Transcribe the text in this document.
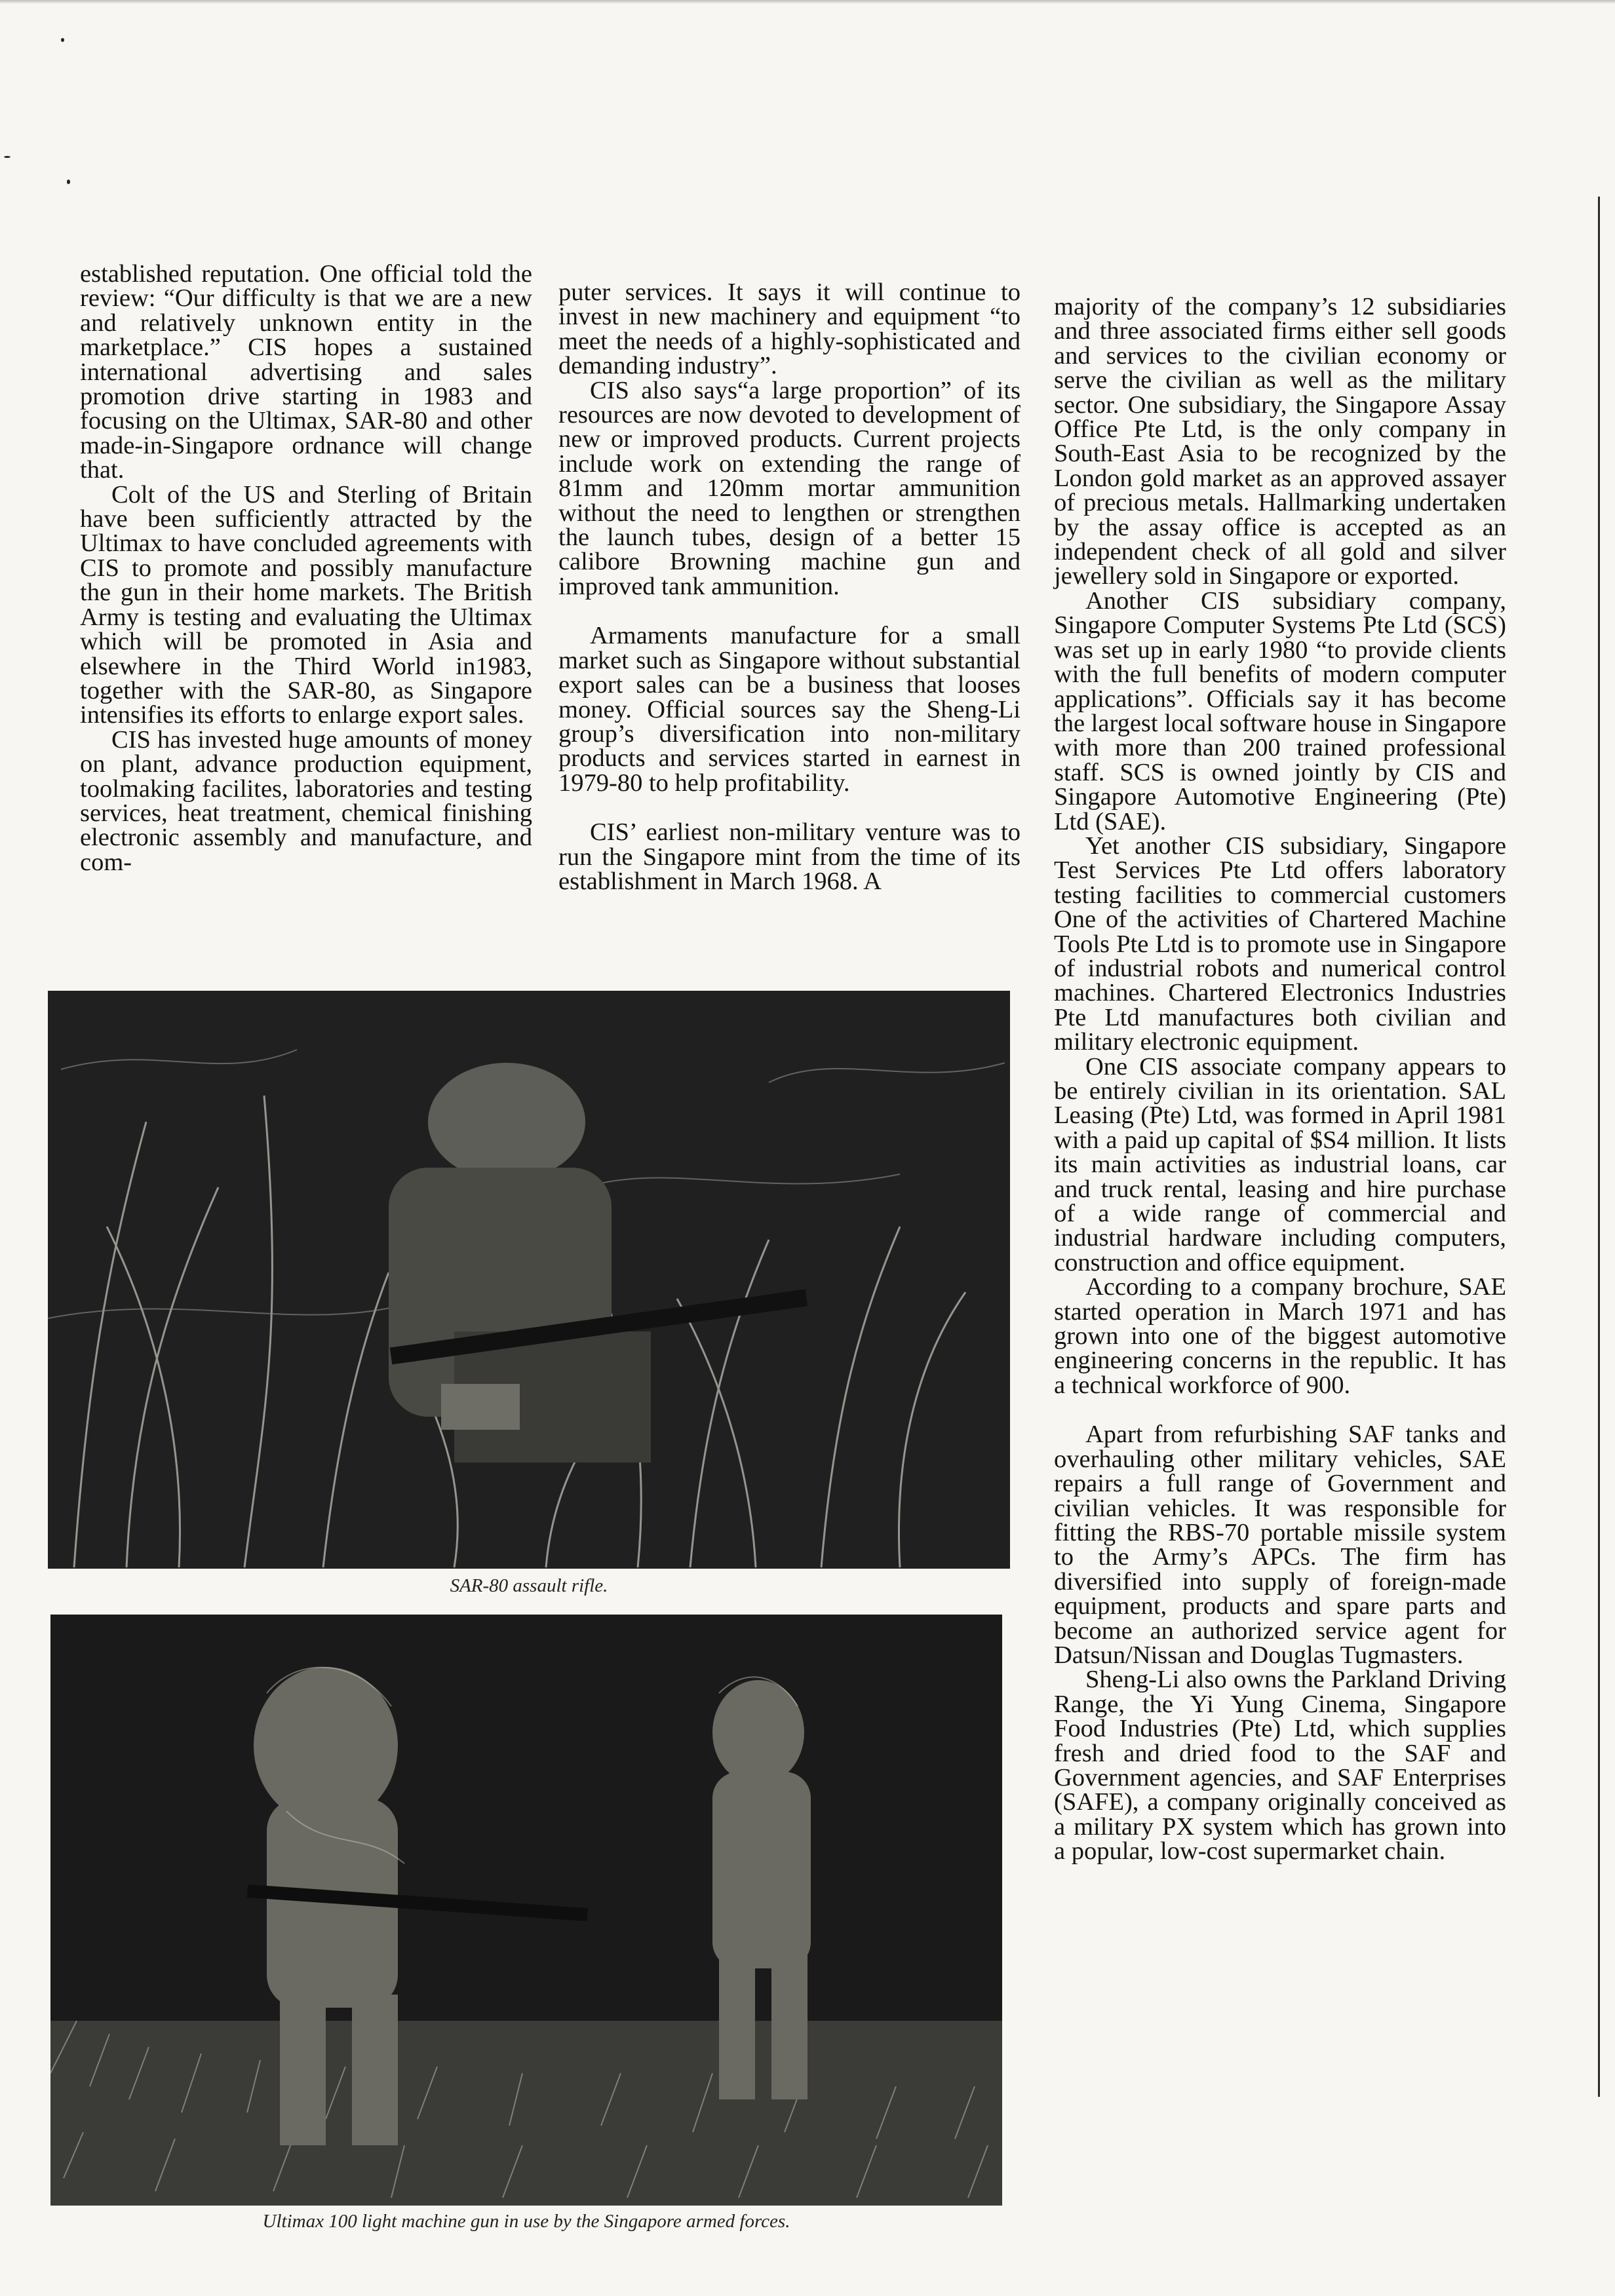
established reputation. One official told the review: “Our difficulty is that we are a new and relatively unknown entity in the marketplace.” CIS hopes a sustained international advertising and sales promotion drive starting in 1983 and focusing on the Ultimax, SAR-80 and other made-in-Singapore ordnance will change that.

Colt of the US and Sterling of Britain have been sufficiently attracted by the Ultimax to have concluded agreements with CIS to promote and possibly manufacture the gun in their home markets. The British Army is testing and evaluating the Ultimax which will be promoted in Asia and elsewhere in the Third World in1983, together with the SAR-80, as Singapore intensifies its efforts to enlarge export sales.

CIS has invested huge amounts of money on plant, advance production equipment, toolmaking facilites, laboratories and testing services, heat treatment, chemical finishing electronic assembly and manufacture, and com-

puter services. It says it will continue to invest in new machinery and equipment “to meet the needs of a highly-sophisticated and demanding industry”.

CIS also says“a large proportion” of its resources are now devoted to development of new or improved products. Current projects include work on extending the range of 81mm and 120mm mortar ammunition without the need to lengthen or strengthen the launch tubes, design of a better 15 calibore Browning machine gun and improved tank ammunition.

Armaments manufacture for a small market such as Singapore without substantial export sales can be a business that looses money. Official sources say the Sheng-Li group’s diversification into non-military products and services started in earnest in 1979-80 to help profitability.

CIS’ earliest non-military venture was to run the Singapore mint from the time of its establishment in March 1968. A

majority of the company’s 12 subsidiaries and three associated firms either sell goods and services to the civilian economy or serve the civilian as well as the military sector. One subsidiary, the Singapore Assay Office Pte Ltd, is the only company in South-East Asia to be recognized by the London gold market as an approved assayer of precious metals. Hallmarking undertaken by the assay office is accepted as an independent check of all gold and silver jewellery sold in Singapore or exported.

Another CIS subsidiary company, Singapore Computer Systems Pte Ltd (SCS) was set up in early 1980 “to provide clients with the full benefits of modern computer applications”. Officials say it has become the largest local software house in Singapore with more than 200 trained professional staff. SCS is owned jointly by CIS and Singapore Automotive Engineering (Pte) Ltd (SAE).

Yet another CIS subsidiary, Singapore Test Services Pte Ltd offers laboratory testing facilities to commercial customers One of the activities of Chartered Machine Tools Pte Ltd is to promote use in Singapore of industrial robots and numerical control machines. Chartered Electronics Industries Pte Ltd manufactures both civilian and military electronic equipment.

One CIS associate company appears to be entirely civilian in its orientation. SAL Leasing (Pte) Ltd, was formed in April 1981 with a paid up capital of $S4 million. It lists its main activities as industrial loans, car and truck rental, leasing and hire purchase of a wide range of commercial and industrial hardware including computers, construction and office equipment.

According to a company brochure, SAE started operation in March 1971 and has grown into one of the biggest automotive engineering concerns in the republic. It has a technical workforce of 900.

Apart from refurbishing SAF tanks and overhauling other military vehicles, SAE repairs a full range of Government and civilian vehicles. It was responsible for fitting the RBS-70 portable missile system to the Army’s APCs. The firm has diversified into supply of foreign-made equipment, products and spare parts and become an authorized service agent for Datsun/Nissan and Douglas Tugmasters.

Sheng-Li also owns the Parkland Driving Range, the Yi Yung Cinema, Singapore Food Industries (Pte) Ltd, which supplies fresh and dried food to the SAF and Government agencies, and SAF Enterprises (SAFE), a company originally conceived as a military PX system which has grown into a popular, low-cost supermarket chain.

SAR-80 assault rifle.
Ultimax 100 light machine gun in use by the Singapore armed forces.
